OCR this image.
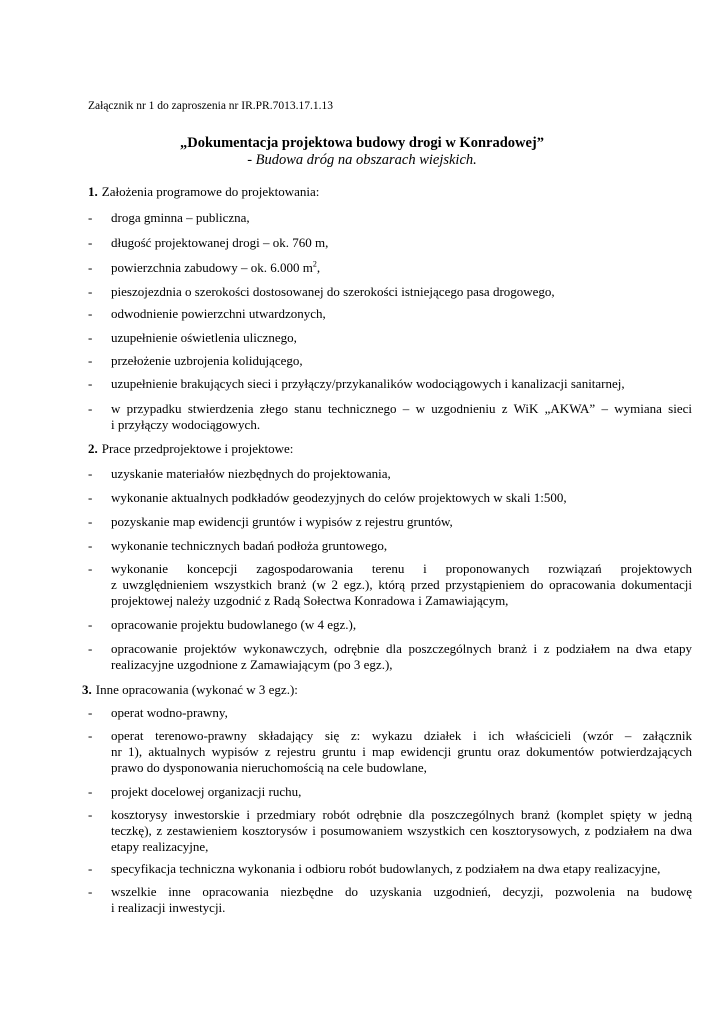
Załącznik nr 1 do zaproszenia nr IR.PR.7013.17.1.13
„Dokumentacja projektowa budowy drogi w Konradowej”
- Budowa dróg na obszarach wiejskich.
1. Założenia programowe do projektowania:
- droga gminna – publiczna,
- długość projektowanej drogi – ok. 760 m,
- powierzchnia zabudowy – ok. 6.000 $m^2$,
- pieszojezdnia o szerokości dostosowanej do szerokości istniejącego pasa drogowego,
- odwodnienie powierzchni utwardzonych,
- uzupełnienie oświetlenia ulicznego,
- przełożenie uzbrojenia kolidującego,
- uzupełnienie brakujących sieci i przyłączy/przykanalików wodociągowych i kanalizacji sanitarnej,
- w przypadku stwierdzenia złego stanu technicznego – w uzgodnieniu z WiK „AKWA” – wymiana sieci
i przyłączy wodociągowych.
2. Prace przedprojektowe i projektowe:
- uzyskanie materiałów niezbędnych do projektowania,
- wykonanie aktualnych podkładów geodezyjnych do celów projektowych w skali 1:500,
- pozyskanie map ewidencji gruntów i wypisów z rejestru gruntów,
- wykonanie technicznych badań podłoża gruntowego,
- wykonanie koncepcji zagospodarowania terenu i proponowanych rozwiązań projektowych
z uwzględnieniem wszystkich branż (w 2 egz.), którą przed przystąpieniem do opracowania dokumentacji
projektowej należy uzgodnić z Radą Sołectwa Konradowa i Zamawiającym,
- opracowanie projektu budowlanego (w 4 egz.),
- opracowanie projektów wykonawczych, odrębnie dla poszczególnych branż i z podziałem na dwa etapy
realizacyjne uzgodnione z Zamawiającym (po 3 egz.),
3. Inne opracowania (wykonać w 3 egz.):
- operat wodno-prawny,
- operat terenowo-prawny składający się z: wykazu działek i ich właścicieli (wzór – załącznik
nr 1), aktualnych wypisów z rejestru gruntu i map ewidencji gruntu oraz dokumentów potwierdzających
prawo do dysponowania nieruchomością na cele budowlane,
- projekt docelowej organizacji ruchu,
- kosztorysy inwestorskie i przedmiary robót odrębnie dla poszczególnych branż (komplet spięty w jedną
teczkę), z zestawieniem kosztorysów i posumowaniem wszystkich cen kosztorysowych, z podziałem na dwa
etapy realizacyjne,
- specyfikacja techniczna wykonania i odbioru robót budowlanych, z podziałem na dwa etapy realizacyjne,
- wszelkie inne opracowania niezbędne do uzyskania uzgodnień, decyzji, pozwolenia na budowę
i realizacji inwestycji.
